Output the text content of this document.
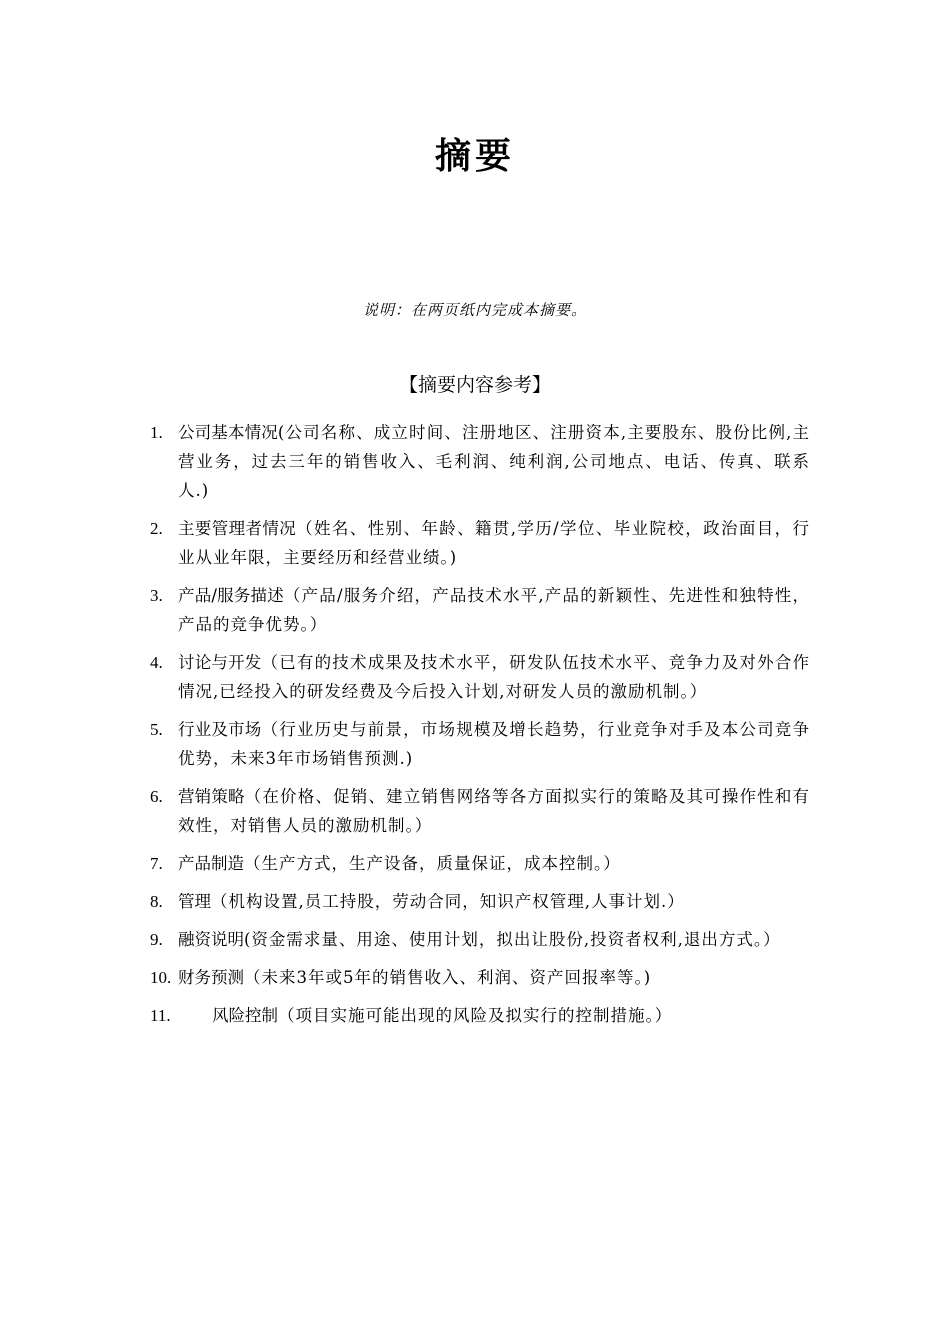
摘要
说明：在两页纸内完成本摘要。
【摘要内容参考】
1. 公司基本情况(公司名称、成立时间、注册地区、注册资本,主要股东、股份比例,主营业务，过去三年的销售收入、毛利润、纯利润,公司地点、电话、传真、联系人.)
2. 主要管理者情况（姓名、性别、年龄、籍贯,学历/学位、毕业院校，政治面目，行业从业年限，主要经历和经营业绩。)
3. 产品/服务描述（产品/服务介绍，产品技术水平,产品的新颖性、先进性和独特性，产品的竞争优势。）
4. 讨论与开发（已有的技术成果及技术水平，研发队伍技术水平、竞争力及对外合作情况,已经投入的研发经费及今后投入计划,对研发人员的激励机制。）
5. 行业及市场（行业历史与前景，市场规模及增长趋势，行业竞争对手及本公司竞争优势，未来3年市场销售预测.)
6. 营销策略（在价格、促销、建立销售网络等各方面拟实行的策略及其可操作性和有效性，对销售人员的激励机制。）
7. 产品制造（生产方式，生产设备，质量保证，成本控制。）
8. 管理（机构设置,员工持股，劳动合同，知识产权管理,人事计划.）
9. 融资说明(资金需求量、用途、使用计划，拟出让股份,投资者权利,退出方式。）
10. 财务预测（未来3年或5年的销售收入、利润、资产回报率等。)
11.	风险控制（项目实施可能出现的风险及拟实行的控制措施。）
